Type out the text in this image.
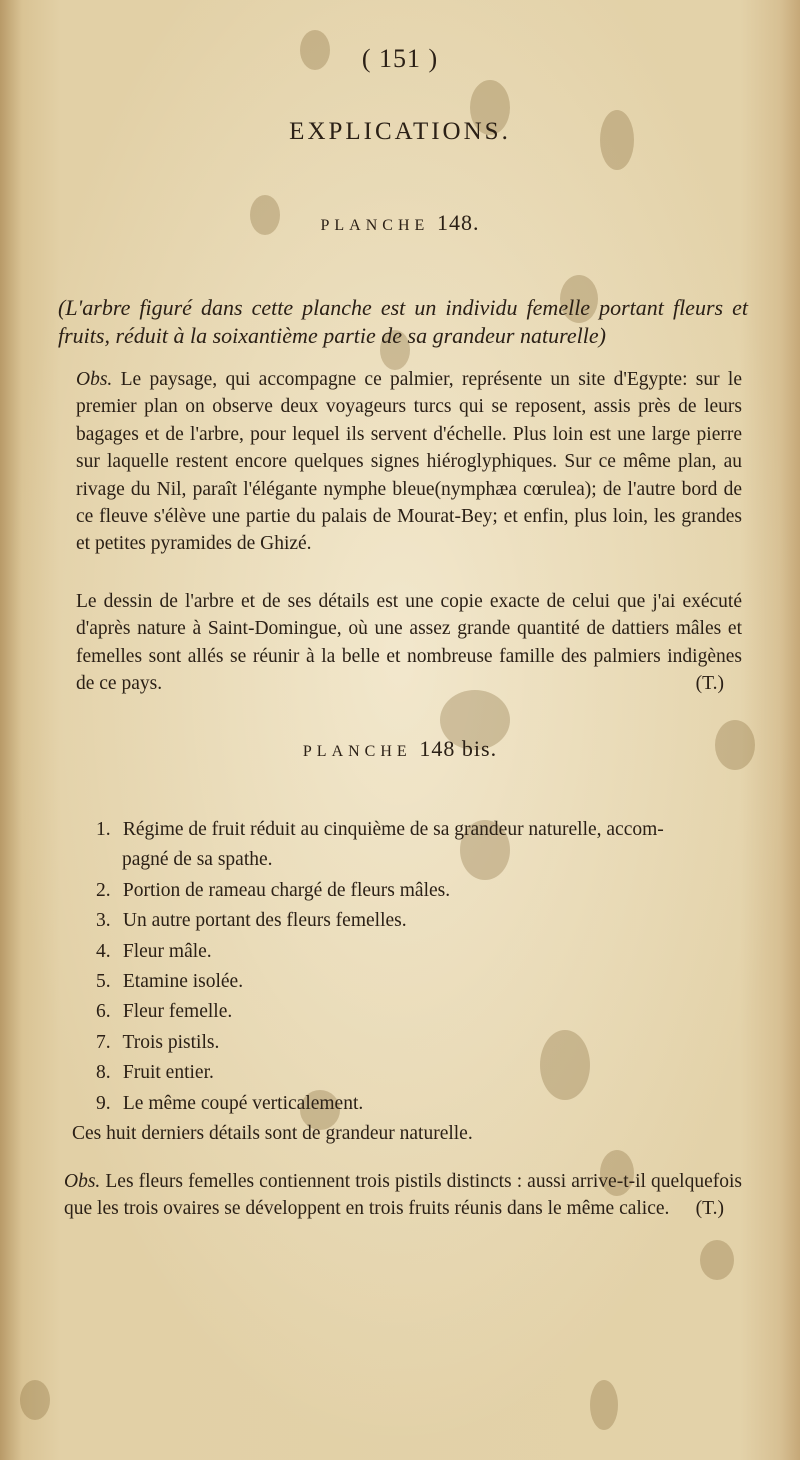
( 151 )
EXPLICATIONS.
PLANCHE 148.
(L'arbre figuré dans cette planche est un individu femelle portant fleurs et fruits, réduit à la soixantième partie de sa grandeur naturelle)
Obs. Le paysage, qui accompagne ce palmier, représente un site d'Egypte: sur le premier plan on observe deux voyageurs turcs qui se reposent, assis près de leurs bagages et de l'arbre, pour lequel ils servent d'échelle. Plus loin est une large pierre sur laquelle restent encore quelques signes hiéroglyphiques. Sur ce même plan, au rivage du Nil, paraît l'élégante nymphe bleue(nymphæa cœrulea); de l'autre bord de ce fleuve s'élève une partie du palais de Mourat-Bey; et enfin, plus loin, les grandes et petites pyramides de Ghizé.
Le dessin de l'arbre et de ses détails est une copie exacte de celui que j'ai exécuté d'après nature à Saint-Domingue, où une assez grande quantité de dattiers mâles et femelles sont allés se réunir à la belle et nombreuse famille des palmiers indigènes de ce pays.	(T.)
PLANCHE 148 bis.
1. Régime de fruit réduit au cinquième de sa grandeur naturelle, accom-
pagné de sa spathe.
2. Portion de rameau chargé de fleurs mâles.
3. Un autre portant des fleurs femelles.
4. Fleur mâle.
5. Etamine isolée.
6. Fleur femelle.
7. Trois pistils.
8. Fruit entier.
9. Le même coupé verticalement.
Ces huit derniers détails sont de grandeur naturelle.
Obs. Les fleurs femelles contiennent trois pistils distincts : aussi arrive-t-il quelquefois que les trois ovaires se développent en trois fruits réunis dans le même calice. (T.)
